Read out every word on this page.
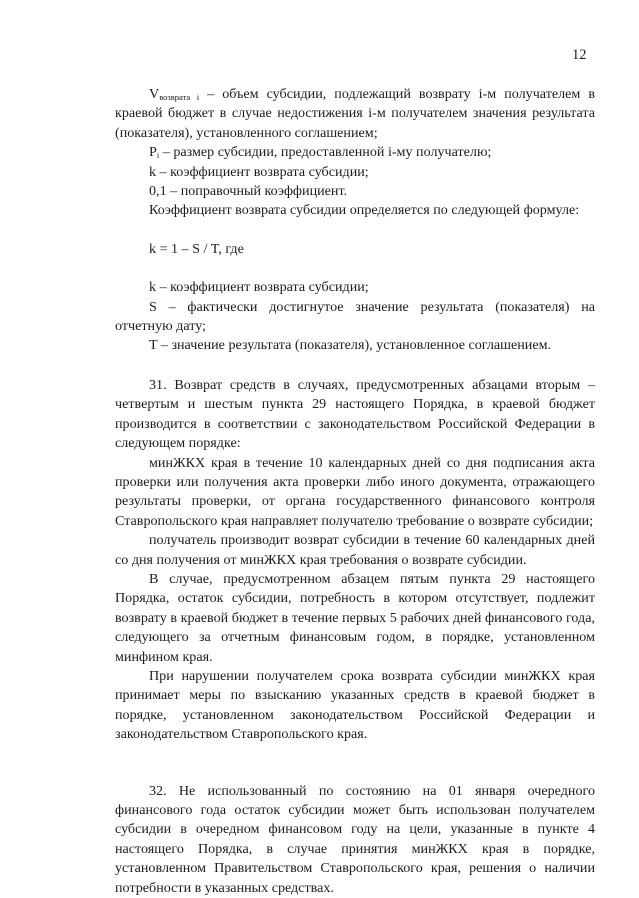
12

$V_{возврата i}$ – объем субсидии, подлежащий возврату i-м получателем в краевой бюджет в случае недостижения i-м получателем значения результата (показателя), установленного соглашением;

$P_i$ – размер субсидии, предоставленной i-му получателю;

k – коэффициент возврата субсидии;

0,1 – поправочный коэффициент.

Коэффициент возврата субсидии определяется по следующей формуле:

k = 1 – S / T, где

k – коэффициент возврата субсидии;

S – фактически достигнутое значение результата (показателя) на отчетную дату;

T – значение результата (показателя), установленное соглашением.

31. Возврат средств в случаях, предусмотренных абзацами вторым – четвертым и шестым пункта 29 настоящего Порядка, в краевой бюджет производится в соответствии с законодательством Российской Федерации в следующем порядке:

минЖКХ края в течение 10 календарных дней со дня подписания акта проверки или получения акта проверки либо иного документа, отражающего результаты проверки, от органа государственного финансового контроля Ставропольского края направляет получателю требование о возврате субсидии;

получатель производит возврат субсидии в течение 60 календарных дней со дня получения от минЖКХ края требования о возврате субсидии.

В случае, предусмотренном абзацем пятым пункта 29 настоящего Порядка, остаток субсидии, потребность в котором отсутствует, подлежит возврату в краевой бюджет в течение первых 5 рабочих дней финансового года, следующего за отчетным финансовым годом, в порядке, установленном минфином края.

При нарушении получателем срока возврата субсидии минЖКХ края принимает меры по взысканию указанных средств в краевой бюджет в порядке, установленном законодательством Российской Федерации и законодательством Ставропольского края.

32. Не использованный по состоянию на 01 января очередного финансового года остаток субсидии может быть использован получателем субсидии в очередном финансовом году на цели, указанные в пункте 4 настоящего Порядка, в случае принятия минЖКХ края в порядке, установленном Правительством Ставропольского края, решения о наличии потребности в указанных средствах.
